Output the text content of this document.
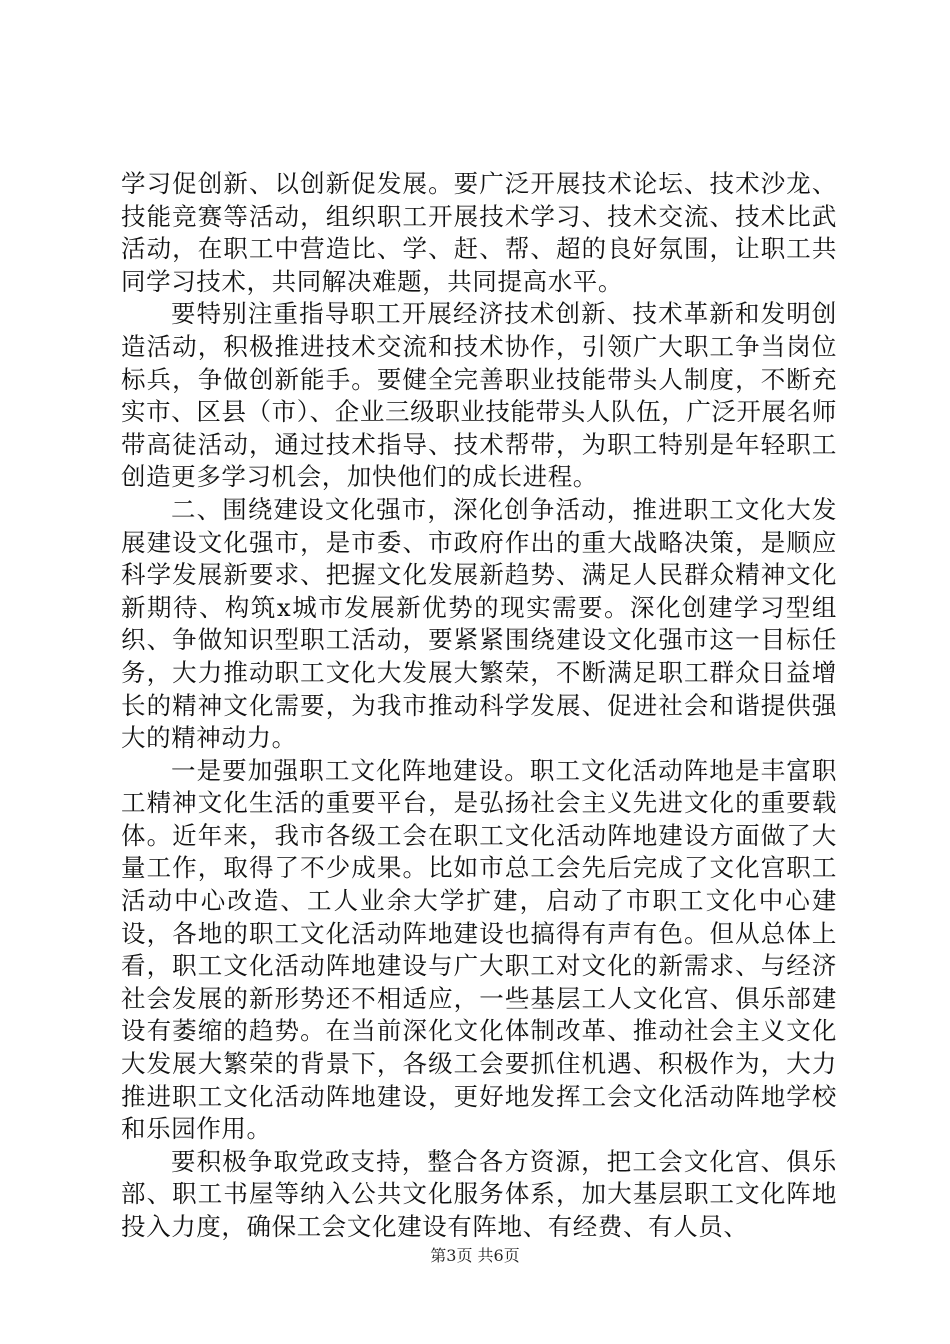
学习促创新、以创新促发展。要广泛开展技术论坛、技术沙龙、技能竞赛等活动，组织职工开展技术学习、技术交流、技术比武活动，在职工中营造比、学、赶、帮、超的良好氛围，让职工共同学习技术，共同解决难题，共同提高水平。

要特别注重指导职工开展经济技术创新、技术革新和发明创造活动，积极推进技术交流和技术协作，引领广大职工争当岗位标兵，争做创新能手。要健全完善职业技能带头人制度，不断充实市、区县（市）、企业三级职业技能带头人队伍，广泛开展名师带高徒活动，通过技术指导、技术帮带，为职工特别是年轻职工创造更多学习机会，加快他们的成长进程。

二、围绕建设文化强市，深化创争活动，推进职工文化大发展建设文化强市，是市委、市政府作出的重大战略决策，是顺应科学发展新要求、把握文化发展新趋势、满足人民群众精神文化新期待、构筑x城市发展新优势的现实需要。深化创建学习型组织、争做知识型职工活动，要紧紧围绕建设文化强市这一目标任务，大力推动职工文化大发展大繁荣，不断满足职工群众日益增长的精神文化需要，为我市推动科学发展、促进社会和谐提供强大的精神动力。

一是要加强职工文化阵地建设。职工文化活动阵地是丰富职工精神文化生活的重要平台，是弘扬社会主义先进文化的重要载体。近年来，我市各级工会在职工文化活动阵地建设方面做了大量工作，取得了不少成果。比如市总工会先后完成了文化宫职工活动中心改造、工人业余大学扩建，启动了市职工文化中心建设，各地的职工文化活动阵地建设也搞得有声有色。但从总体上看，职工文化活动阵地建设与广大职工对文化的新需求、与经济社会发展的新形势还不相适应，一些基层工人文化宫、俱乐部建设有萎缩的趋势。在当前深化文化体制改革、推动社会主义文化大发展大繁荣的背景下，各级工会要抓住机遇、积极作为，大力推进职工文化活动阵地建设，更好地发挥工会文化活动阵地学校和乐园作用。

要积极争取党政支持，整合各方资源，把工会文化宫、俱乐部、职工书屋等纳入公共文化服务体系，加大基层职工文化阵地投入力度，确保工会文化建设有阵地、有经费、有人员、

第3页 共6页
